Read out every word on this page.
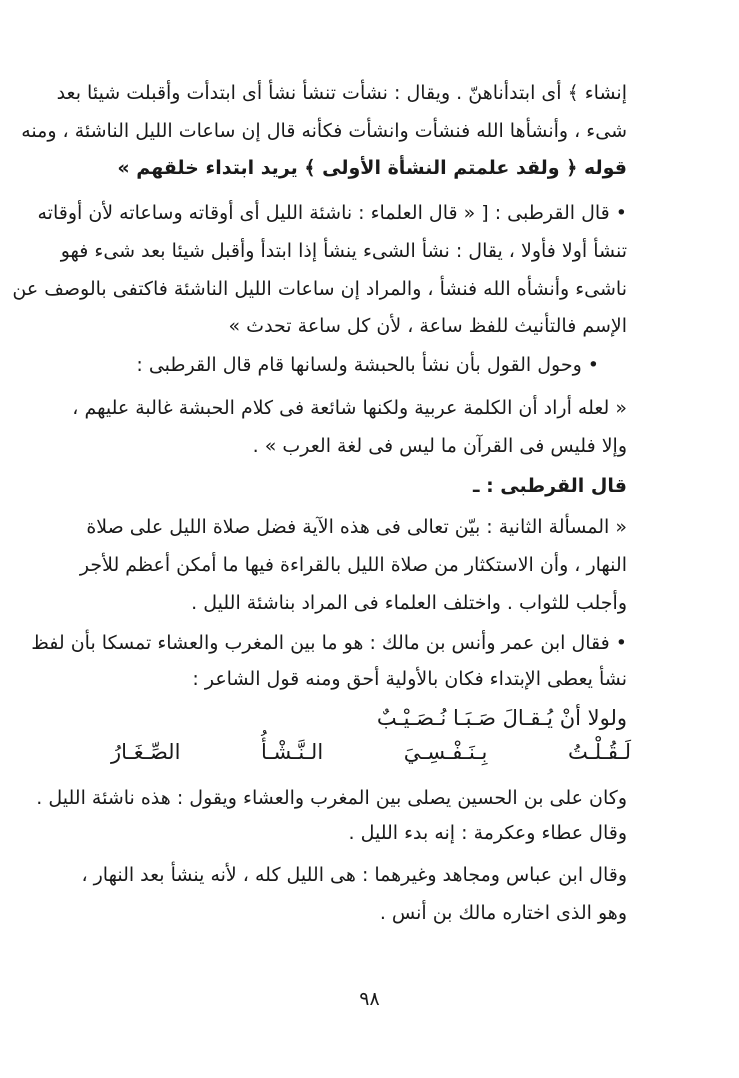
إنشاء ﴾ أى ابتدأناهنّ . ويقال : نشأت تنشأ نشأ أى ابتدأت وأقبلت شيئا بعد
شىء ، وأنشأها الله فنشأت وانشأت فكأنه قال إن ساعات الليل الناشئة ، ومنه
قوله ﴿ ولقد علمتم النشأة الأولى ﴾ يريد ابتداء خلقهم »
• قال القرطبى : [ « قال العلماء : ناشئة الليل أى أوقاته وساعاته لأن أوقاته
تنشأ أولا فأولا ، يقال : نشأ الشىء ينشأ إذا ابتدأ وأقبل شيئا بعد شىء فهو
ناشىء وأنشأه الله فنشأ ، والمراد إن ساعات الليل الناشئة فاكتفى بالوصف عن
الإسم فالتأنيث للفظ ساعة ، لأن كل ساعة تحدث »
• وحول القول بأن نشأ بالحبشة ولسانها قام قال القرطبى :
« لعله أراد أن الكلمة عربية ولكنها شائعة فى كلام الحبشة غالبة عليهم ،
وإلا فليس فى القرآن ما ليس فى لغة العرب » .
قال القرطبى : ـ
« المسألة الثانية : بيّن تعالى فى هذه الآية فضل صلاة الليل على صلاة
النهار ، وأن الاستكثار من صلاة الليل بالقراءة فيها ما أمكن أعظم للأجر
وأجلب للثواب . واختلف العلماء فى المراد بناشئة الليل .
• فقال ابن عمر وأنس بن مالك : هو ما بين المغرب والعشاء تمسكا بأن لفظ
نشأ يعطى الإبتداء فكان بالأولية أحق ومنه قول الشاعر :
ولولا أنْ يُـقـالَ صَـبَـا نُـصَـيْـبٌ
لَـقُـلْـتُ بِـنَـفْـسِـيَ الـنَّـشْـأُ الصِّـغَـارُ
وكان على بن الحسين يصلى بين المغرب والعشاء ويقول : هذه ناشئة الليل .
وقال عطاء وعكرمة : إنه بدء الليل .
وقال ابن عباس ومجاهد وغيرهما : هى الليل كله ، لأنه ينشأ بعد النهار ،
وهو الذى اختاره مالك بن أنس .
٩٨
